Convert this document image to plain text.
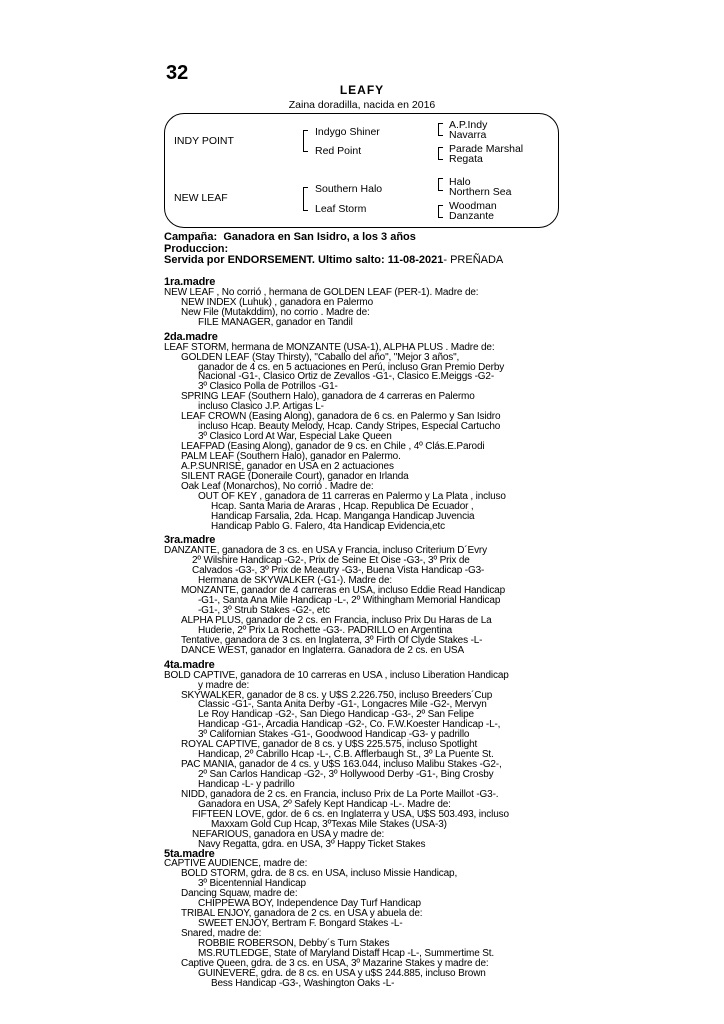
32
LEAFY
Zaina doradilla, nacida en 2016
INDY POINT
NEW LEAF
Indygo Shiner
Red Point
Southern Halo
Leaf Storm
A.P.Indy
Navarra
Parade Marshal
Regata
Halo
Northern Sea
Woodman
Danzante
Campaña: Ganadora en San Isidro, a los 3 años
Produccion:
Servida por ENDORSEMENT. Ultimo salto: 11-08-2021- PREÑADA
1ra.madre
NEW LEAF , No corrió , hermana de GOLDEN LEAF (PER-1). Madre de:
NEW INDEX (Luhuk) , ganadora en Palermo
New File (Mutakddim), no corrio . Madre de:
FILE MANAGER, ganador en Tandil
2da.madre
LEAF STORM, hermana de MONZANTE (USA-1), ALPHA PLUS . Madre de:
GOLDEN LEAF (Stay Thirsty), "Caballo del año", "Mejor 3 años",
ganador de 4 cs. en 5 actuaciones en Perú, incluso Gran Premio Derby
Nacional -G1-, Clasico Ortiz de Zevallos -G1-, Clasico E.Meiggs -G2-
3º Clasico Polla de Potrillos -G1-
SPRING LEAF (Southern Halo), ganadora de 4 carreras en Palermo
incluso Clasico J.P. Artigas L-
LEAF CROWN (Easing Along), ganadora de 6 cs. en Palermo y San Isidro
incluso Hcap. Beauty Melody, Hcap. Candy Stripes, Especial Cartucho
3º Clasico Lord At War, Especial Lake Queen
LEAFPAD (Easing Along), ganador de 9 cs. en Chile , 4º Clás.E.Parodi
PALM LEAF (Southern Halo), ganador en Palermo.
A.P.SUNRISE, ganador en USA en 2 actuaciones
SILENT RAGE (Doneraile Court), ganador en Irlanda
Oak Leaf (Monarchos), No corrió . Madre de:
OUT OF KEY , ganadora de 11 carreras en Palermo y La Plata , incluso
Hcap. Santa Maria de Araras , Hcap. Republica De Ecuador ,
Handicap Farsalia, 2da. Hcap. Manganga Handicap Juvencia
Handicap Pablo G. Falero, 4ta Handicap Evidencia,etc
3ra.madre
DANZANTE, ganadora de 3 cs. en USA y Francia, incluso Criterium D´Evry
2º Wilshire Handicap -G2-, Prix de Seine Et Oise -G3-, 3º Prix de
Calvados -G3-, 3º Prix de Meautry -G3-, Buena Vista Handicap -G3-
Hermana de SKYWALKER (-G1-). Madre de:
MONZANTE, ganador de 4 carreras en USA, incluso Eddie Read Handicap
-G1-, Santa Ana Mile Handicap -L-, 2º Withingham Memorial Handicap
-G1-, 3º Strub Stakes -G2-, etc
ALPHA PLUS, ganador de 2 cs. en Francia, incluso Prix Du Haras de La
Huderie, 2º Prix La Rochette -G3-. PADRILLO en Argentina
Tentative, ganadora de 3 cs. en Inglaterra, 3º Firth Of Clyde Stakes -L-
DANCE WEST, ganador en Inglaterra. Ganadora de 2 cs. en USA
4ta.madre
BOLD CAPTIVE, ganadora de 10 carreras en USA , incluso Liberation Handicap
y madre de:
SKYWALKER, ganador de 8 cs. y U$S 2.226.750, incluso Breeders´Cup
Classic -G1-, Santa Anita Derby -G1-, Longacres Mile -G2-, Mervyn
Le Roy Handicap -G2-, San Diego Handicap -G3-, 2º San Felipe
Handicap -G1-, Arcadia Handicap -G2-, Co. F.W.Koester Handicap -L-,
3º Californian Stakes -G1-, Goodwood Handicap -G3- y padrillo
ROYAL CAPTIVE, ganador de 8 cs. y U$S 225.575, incluso Spotlight
Handicap, 2º Cabrillo Hcap -L-, C.B. Afflerbaugh St., 3º La Puente St.
PAC MANIA, ganador de 4 cs. y U$S 163.044, incluso Malibu Stakes -G2-,
2º San Carlos Handicap -G2-, 3º Hollywood Derby -G1-, Bing Crosby
Handicap -L- y padrillo
NIDD, ganadora de 2 cs. en Francia, incluso Prix de La Porte Maillot -G3-.
Ganadora en USA, 2º Safely Kept Handicap -L-. Madre de:
FIFTEEN LOVE, gdor. de 6 cs. en Inglaterra y USA, U$S 503.493, incluso
Maxxam Gold Cup Hcap, 3ºTexas Mile Stakes (USA-3)
NEFARIOUS, ganadora en USA y madre de:
Navy Regatta, gdra. en USA, 3º Happy Ticket Stakes
5ta.madre
CAPTIVE AUDIENCE, madre de:
BOLD STORM, gdra. de 8 cs. en USA, incluso Missie Handicap,
3º Bicentennial Handicap
Dancing Squaw, madre de:
CHIPPEWA BOY, Independence Day Turf Handicap
TRIBAL ENJOY, ganadora de 2 cs. en USA y abuela de:
SWEET ENJOY, Bertram F. Bongard Stakes -L-
Snared, madre de:
ROBBIE ROBERSON, Debby´s Turn Stakes
MS.RUTLEDGE, State of Maryland Distaff Hcap -L-, Summertime St.
Captive Queen, gdra. de 3 cs. en USA, 3º Mazarine Stakes y madre de:
GUINEVERE, gdra. de 8 cs. en USA y u$S 244.885, incluso Brown
Bess Handicap -G3-, Washington Oaks -L-
